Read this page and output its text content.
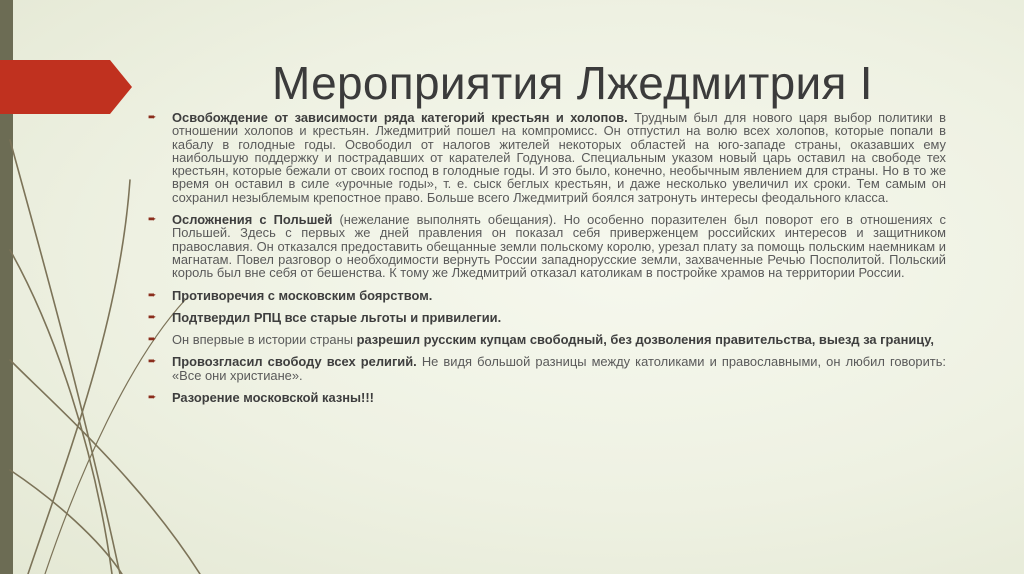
Мероприятия Лжедмитрия I
➨ Освобождение от зависимости ряда категорий крестьян и холопов. Трудным был для нового царя выбор политики в отношении холопов и крестьян. Лжедмитрий пошел на компромисс. Он отпустил на волю всех холопов, которые попали в кабалу в голодные годы. Освободил от налогов жителей некоторых областей на юго-западе страны, оказавших ему наибольшую поддержку и пострадавших от карателей Годунова. Специальным указом новый царь оставил на свободе тех крестьян, которые бежали от своих господ в голодные годы. И это было, конечно, необычным явлением для страны. Но в то же время он оставил в силе «урочные годы», т. е. сыск беглых крестьян, и даже несколько увеличил их сроки. Тем самым он сохранил незыблемым крепостное право. Больше всего Лжедмитрий боялся затронуть интересы феодального класса.
➨ Осложнения с Польшей (нежелание выполнять обещания). Но особенно поразителен был поворот его в отношениях с Польшей. Здесь с первых же дней правления он показал себя приверженцем российских интересов и защитником православия. Он отказался предоставить обещанные земли польскому королю, урезал плату за помощь польским наемникам и магнатам. Повел разговор о необходимости вернуть России западнорусские земли, захваченные Речью Посполитой. Польский король был вне себя от бешенства. К тому же Лжедмитрий отказал католикам в постройке храмов на территории России.
➨ Противоречия с московским боярством.
➨ Подтвердил РПЦ все старые льготы и привилегии.
➨ Он впервые в истории страны разрешил русским купцам свободный, без дозволения правительства, выезд за границу,
➨ Провозгласил свободу всех религий. Не видя большой разницы между католиками и православными, он любил говорить: «Все они христиане».
➨ Разорение московской казны!!!
